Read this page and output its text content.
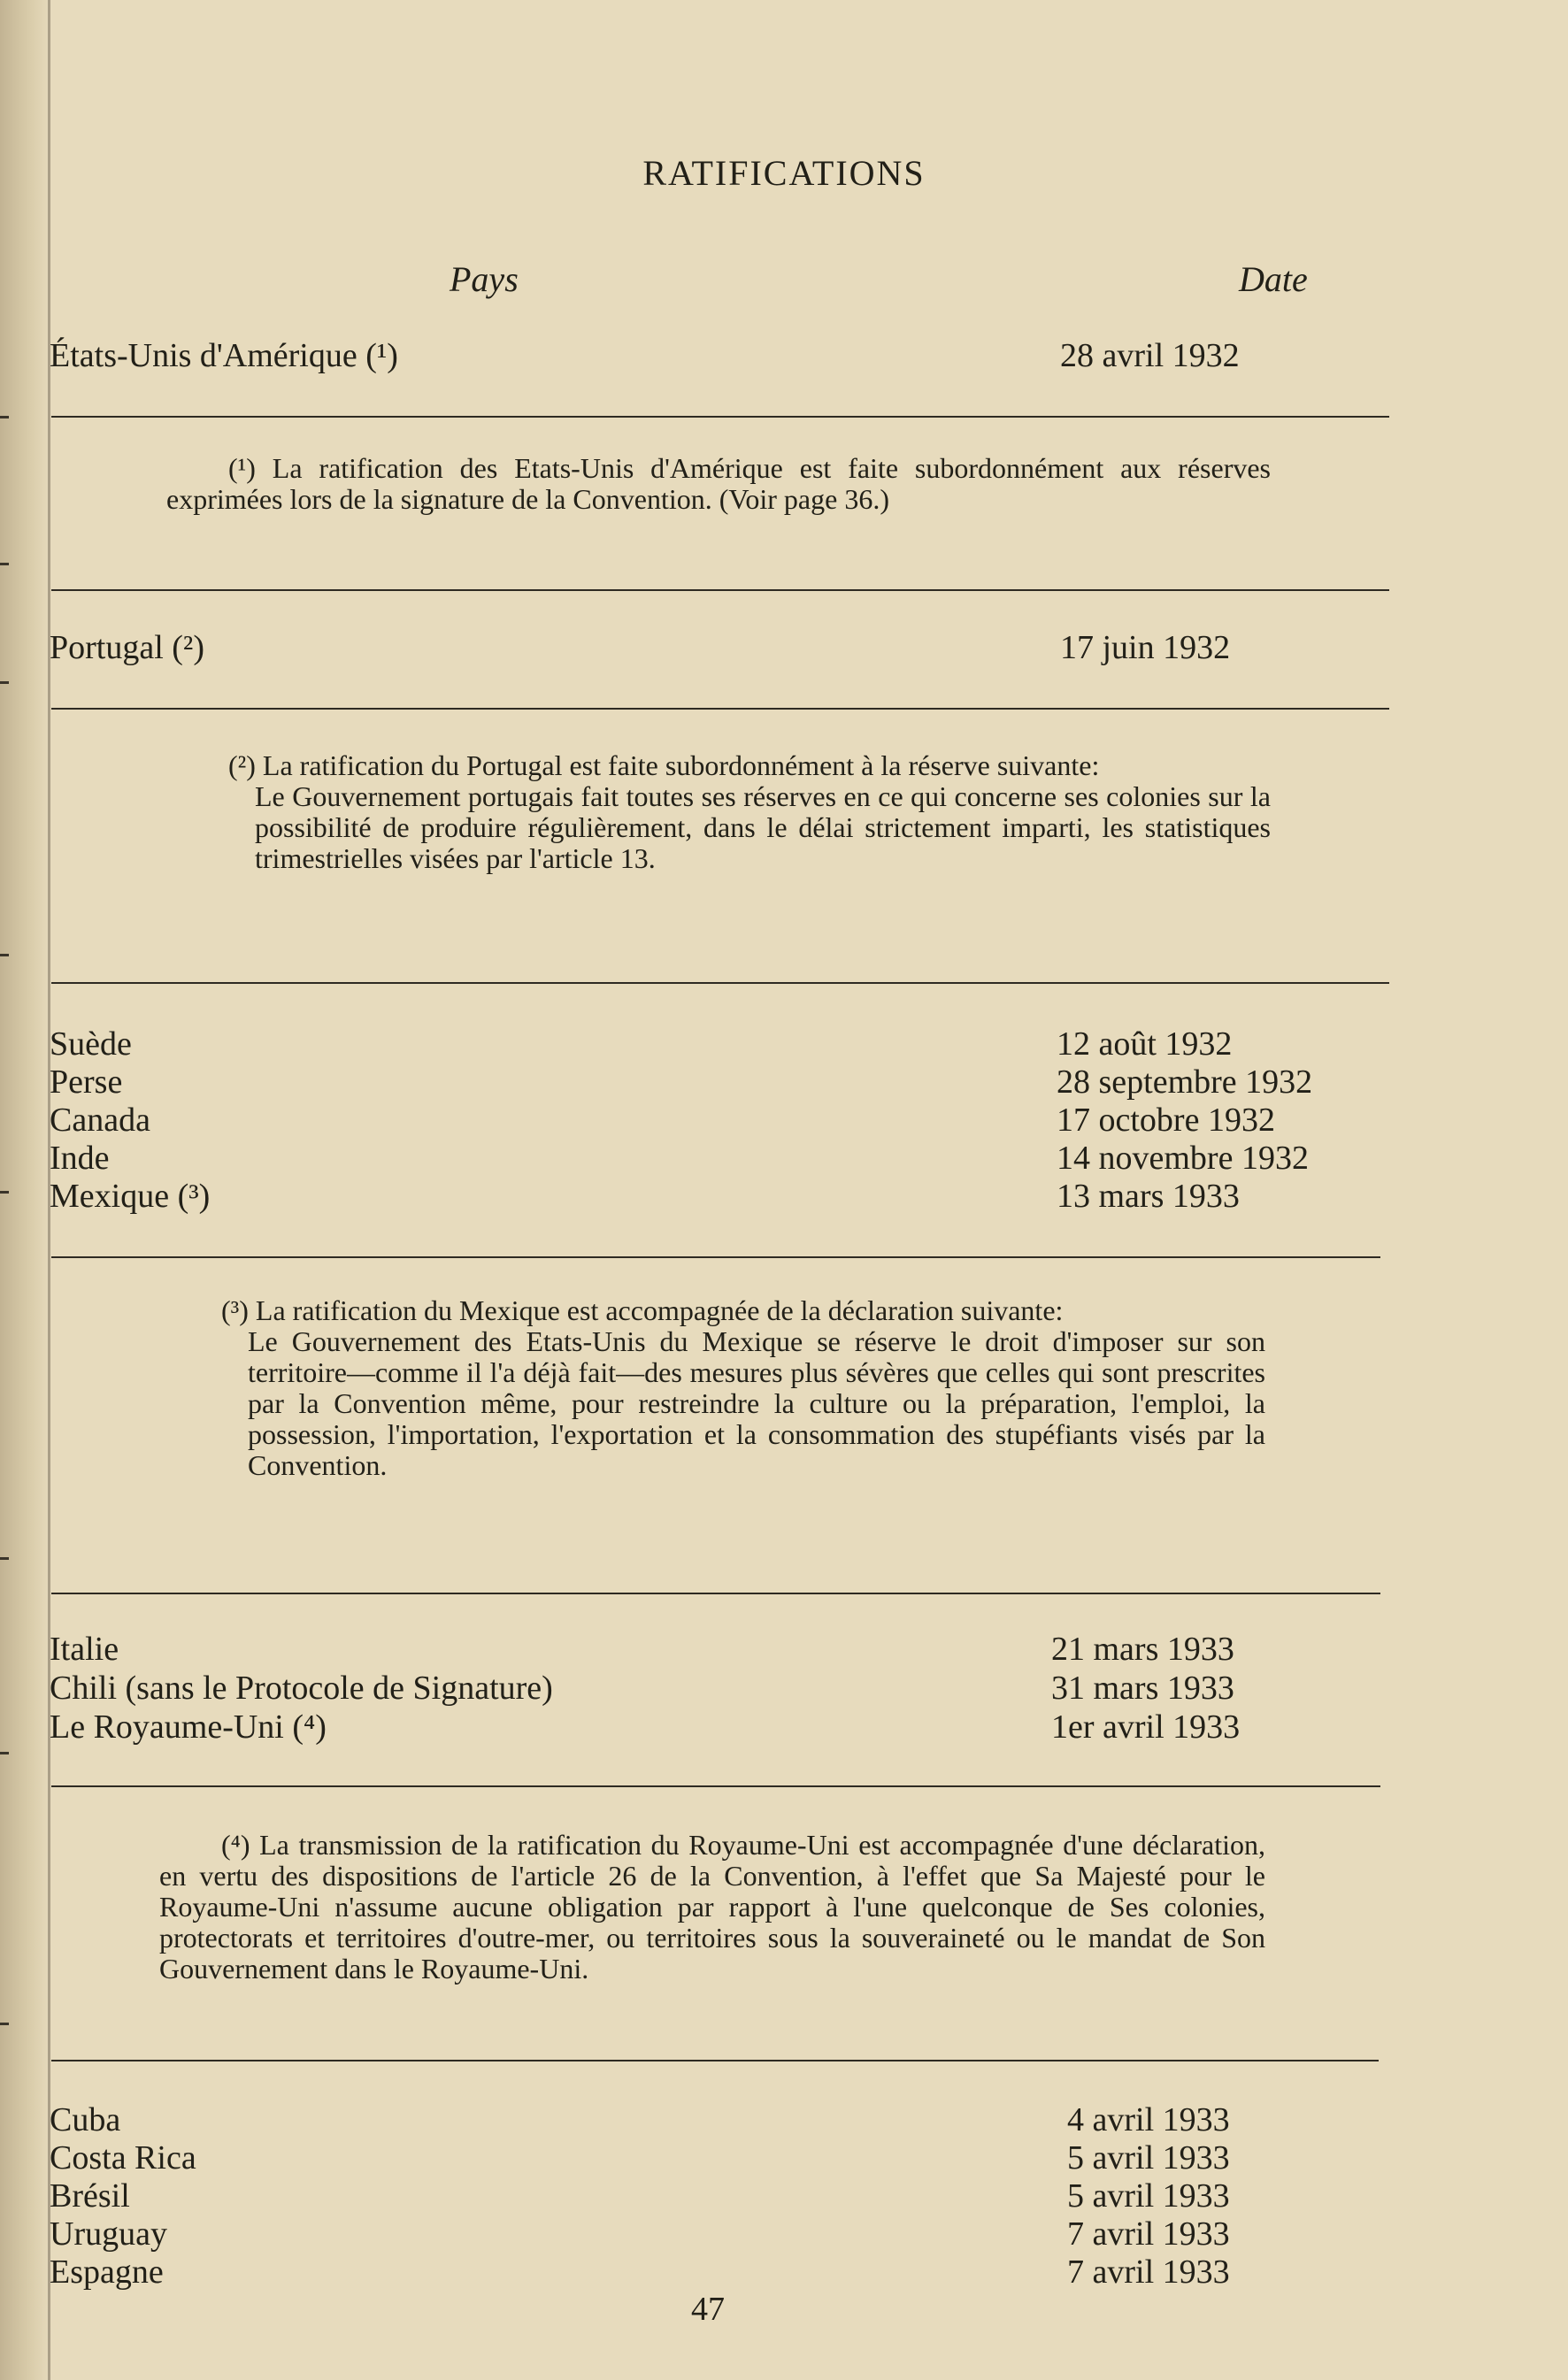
RATIFICATIONS
Pays	Date
États-Unis d'Amérique (¹)	28 avril 1932

(¹) La ratification des Etats-Unis d'Amérique est faite subordonnément aux réserves exprimées lors de la signature de la Convention. (Voir page 36.)

Portugal (²)	17 juin 1932

(²) La ratification du Portugal est faite subordonnément à la réserve suivante:

Le Gouvernement portugais fait toutes ses réserves en ce qui concerne ses colonies sur la possibilité de produire régulièrement, dans le délai strictement imparti, les statistiques trimestrielles visées par l'article 13.

Suède	12 août 1932
Perse	28 septembre 1932
Canada	17 octobre 1932
Inde	14 novembre 1932
Mexique (³)	13 mars 1933

(³) La ratification du Mexique est accompagnée de la déclaration suivante:

Le Gouvernement des Etats-Unis du Mexique se réserve le droit d'imposer sur son territoire—comme il l'a déjà fait—des mesures plus sévères que celles qui sont prescrites par la Convention même, pour restreindre la culture ou la préparation, l'emploi, la possession, l'importation, l'exportation et la consommation des stupéfiants visés par la Convention.

Italie	21 mars 1933
Chili (sans le Protocole de Signature)	31 mars 1933
Le Royaume-Uni (⁴)	1er avril 1933

(⁴) La transmission de la ratification du Royaume-Uni est accompagnée d'une déclaration, en vertu des dispositions de l'article 26 de la Convention, à l'effet que Sa Majesté pour le Royaume-Uni n'assume aucune obligation par rapport à l'une quelconque de Ses colonies, protectorats et territoires d'outre-mer, ou territoires sous la souveraineté ou le mandat de Son Gouvernement dans le Royaume-Uni.

Cuba	4 avril 1933
Costa Rica	5 avril 1933
Brésil	5 avril 1933
Uruguay	7 avril 1933
Espagne	7 avril 1933
47
